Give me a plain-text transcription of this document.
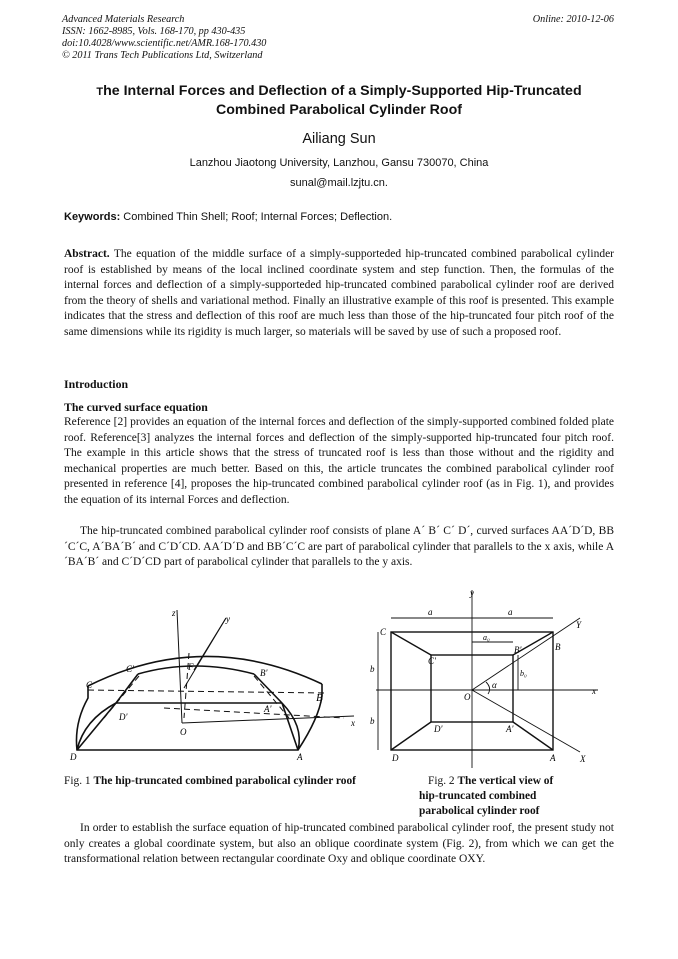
Advanced Materials Research
ISSN: 1662-8985, Vols. 168-170, pp 430-435
doi:10.4028/www.scientific.net/AMR.168-170.430
© 2011 Trans Tech Publications Ltd, Switzerland
Online: 2010-12-06
The Internal Forces and Deflection of a Simply-Supported Hip-Truncated
Combined Parabolical Cylinder Roof
Ailiang Sun
Lanzhou Jiaotong University, Lanzhou, Gansu 730070, China
sunal@mail.lzjtu.cn.
Keywords: Combined Thin Shell; Roof; Internal Forces; Deflection.
Abstract. The equation of the middle surface of a simply-supporteded hip-truncated combined parabolical cylinder roof is established by means of the local inclined coordinate system and step function. Then, the formulas of the internal forces and deflection of a simply-supporteded hip-truncated combined parabolical cylinder roof are derived from the theory of shells and variational method. Finally an illustrative example of this roof is presented. This example indicates that the stress and deflection of this roof are much less than those of the hip-truncated four pitch roof of the same dimensions while its rigidity is much larger, so materials will be saved by use of such a proposed roof.
Introduction
The curved surface equation
Reference [2] provides an equation of the internal forces and deflection of the simply-supported combined folded plate roof. Reference[3] analyzes the internal forces and deflection of the simply-supported hip-truncated four pitch roof. The example in this article shows that the stress of truncated roof is less than those without and the rigidity and mechanical properties are much better. Based on this, the article truncates the combined parabolical cylinder roof presented in reference [4], proposes the hip-truncated combined parabolical cylinder roof (as in Fig. 1), and provides the equation of its internal Forces and deflection.
The hip-truncated combined parabolical cylinder roof consists of plane A´ B´ C´ D´, curved surfaces AA´D´D, BB´C´C, A´BA´B´ and C´D´CD. AA´D´D and BB´C´C are part of parabolical cylinder that parallels to the x axis, while A´BA´B´ and C´D´CD part of parabolical cylinder that parallels to the y axis.
z
y
x
F
C'	B'
C
B
D'
A'
O
D	A
a	a
a₀
Y
y
C
B
C'
B'
α
b
b
b₀
O
x
D'	A'
D	A	X
Fig. 1 The hip-truncated combined parabolical cylinder roof	Fig. 2 The vertical view of
hip-truncated combined
parabolical cylinder roof
In order to establish the surface equation of hip-truncated combined parabolical cylinder roof, the present study not only creates a global coordinate system, but also an oblique coordinate system (Fig. 2), from which we can get the transformational relation between rectangular coordinate Oxy and oblique coordinate OXY.
